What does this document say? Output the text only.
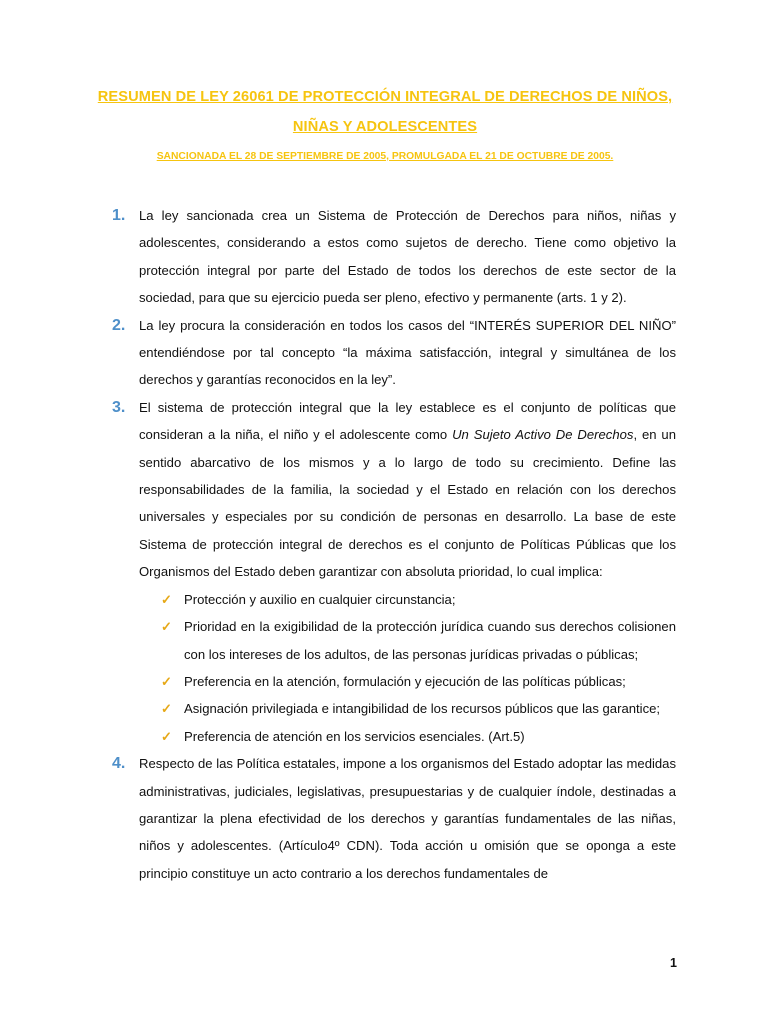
RESUMEN DE LEY 26061 DE PROTECCIÓN INTEGRAL DE DERECHOS DE NIÑOS,
NIÑAS Y ADOLESCENTES
SANCIONADA EL 28 DE SEPTIEMBRE DE 2005, PROMULGADA EL 21 DE OCTUBRE DE 2005.
1. La ley sancionada crea un Sistema de Protección de Derechos para niños, niñas y adolescentes, considerando a estos como sujetos de derecho. Tiene como objetivo la protección integral por parte del Estado de todos los derechos de este sector de la sociedad, para que su ejercicio pueda ser pleno, efectivo y permanente (arts. 1 y 2).

2. La ley procura la consideración en todos los casos del “INTERÉS SUPERIOR DEL NIÑO” entendiéndose por tal concepto “la máxima satisfacción, integral y simultánea de los derechos y garantías reconocidos en la ley”.

3. El sistema de protección integral que la ley establece es el conjunto de políticas que consideran a la niña, el niño y el adolescente como Un Sujeto Activo De Derechos, en un sentido abarcativo de los mismos y a lo largo de todo su crecimiento. Define las responsabilidades de la familia, la sociedad y el Estado en relación con los derechos universales y especiales por su condición de personas en desarrollo. La base de este Sistema de protección integral de derechos es el conjunto de Políticas Públicas que los Organismos del Estado deben garantizar con absoluta prioridad, lo cual implica:

✓ Protección y auxilio en cualquier circunstancia;

✓ Prioridad en la exigibilidad de la protección jurídica cuando sus derechos colisionen con los intereses de los adultos, de las personas jurídicas privadas o públicas;

✓ Preferencia en la atención, formulación y ejecución de las políticas públicas;

✓ Asignación privilegiada e intangibilidad de los recursos públicos que las garantice;

✓ Preferencia de atención en los servicios esenciales. (Art.5)

4. Respecto de las Política estatales, impone a los organismos del Estado adoptar las medidas administrativas, judiciales, legislativas, presupuestarias y de cualquier índole, destinadas a garantizar la plena efectividad de los derechos y garantías fundamentales de las niñas, niños y adolescentes. (Artículo4º CDN). Toda acción u omisión que se oponga a este principio constituye un acto contrario a los derechos fundamentales de

1
